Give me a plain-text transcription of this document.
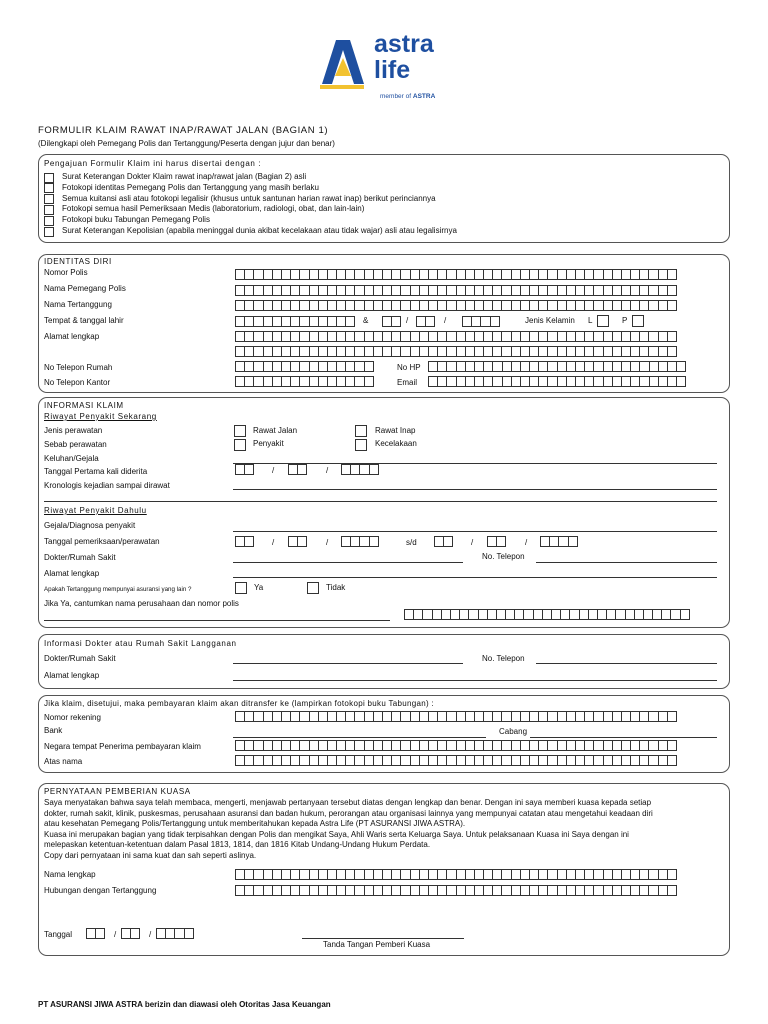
astra
life
member of ASTRA
FORMULIR KLAIM RAWAT INAP/RAWAT JALAN (BAGIAN 1)
(Dilengkapi oleh Pemegang Polis dan Tertanggung/Peserta dengan jujur dan benar)
Pengajuan Formulir Klaim ini harus disertai dengan :
Surat Keterangan Dokter Klaim rawat inap/rawat jalan (Bagian 2) asli
Fotokopi identitas Pemegang Polis dan Tertanggung yang masih berlaku
Semua kuitansi asli atau fotokopi legalisir (khusus untuk santunan harian rawat inap) berikut perinciannya
Fotokopi semua hasil Pemeriksaan Medis (laboratorium, radiologi, obat, dan lain-lain)
Fotokopi buku Tabungan Pemegang Polis
Surat Keterangan Kepolisian (apabila meninggal dunia akibat kecelakaan atau tidak wajar) asli atau legalisirnya
IDENTITAS DIRI
Nomor Polis
Nama Pemegang Polis
Nama Tertanggung
Tempat & tanggal lahir	&	/	/	Jenis Kelamin L	P
Alamat lengkap
No Telepon Rumah	No HP
No Telepon Kantor	Email
INFORMASI KLAIM
Riwayat Penyakit Sekarang
Jenis perawatan	Rawat Jalan	Rawat Inap
Sebab perawatan	Penyakit	Kecelakaan
Keluhan/Gejala
Tanggal Pertama kali diderita	/	/
Kronologis kejadian sampai dirawat
Riwayat Penyakit Dahulu
Gejala/Diagnosa penyakit
Tanggal pemeriksaan/perawatan	/	/	s/d	/	/
Dokter/Rumah Sakit	No. Telepon
Alamat lengkap
Apakah Tertanggung mempunyai asuransi yang lain ?	Ya	Tidak
Jika Ya, cantumkan nama perusahaan dan nomor polis
Informasi Dokter atau Rumah Sakit Langganan
Dokter/Rumah Sakit	No. Telepon
Alamat lengkap
Jika klaim, disetujui, maka pembayaran klaim akan ditransfer ke (lampirkan fotokopi buku Tabungan) :
Nomor rekening
Bank	Cabang
Negara tempat Penerima pembayaran klaim
Atas nama
PERNYATAAN PEMBERIAN KUASA
Saya menyatakan bahwa saya telah membaca, mengerti, menjawab pertanyaan tersebut diatas dengan lengkap dan benar. Dengan ini saya memberi kuasa kepada setiap
dokter, rumah sakit, klinik, puskesmas, perusahaan asuransi dan badan hukum, perorangan atau organisasi lainnya yang mempunyai catatan atau mengetahui keadaan diri
atau kesehatan Pemegang Polis/Tertanggung untuk memberitahukan kepada Astra Life (PT ASURANSI JIWA ASTRA).
Kuasa ini merupakan bagian yang tidak terpisahkan dengan Polis dan mengikat Saya, Ahli Waris serta Keluarga Saya. Untuk pelaksanaan Kuasa ini Saya dengan ini
melepaskan ketentuan-ketentuan dalam Pasal 1813, 1814, dan 1816 Kitab Undang-Undang Hukum Perdata.
Copy dari pernyataan ini sama kuat dan sah seperti aslinya.
Nama lengkap
Hubungan dengan Tertanggung
Tanggal	/	/
Tanda Tangan Pemberi Kuasa
PT ASURANSI JIWA ASTRA berizin dan diawasi oleh Otoritas Jasa Keuangan
